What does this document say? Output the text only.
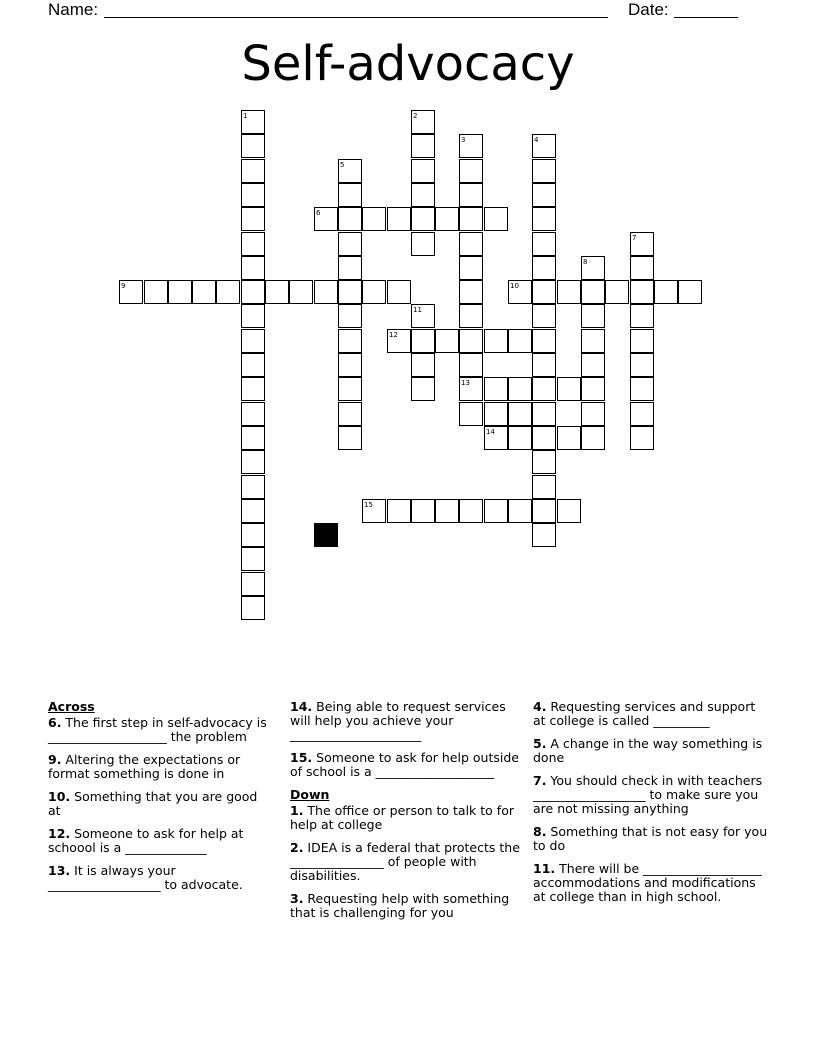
Name:	Date:
Self-advocacy
1	2
3
13
4
5
6
7
8
9	10
11
12
14
15
Across
6. The first step in self-advocacy is ___________________ the problem
9. Altering the expectations or format something is done in
10. Something that you are good at
12. Someone to ask for help at schoool is a _____________
13. It is always your __________________ to advocate.
14. Being able to request services will help you achieve your _____________________
15. Someone to ask for help outside of school is a ___________________
Down
1. The office or person to talk to for help at college
2. IDEA is a federal that protects the _______________ of people with disabilities.
3. Requesting help with something that is challenging for you
4. Requesting services and support at college is called _________
5. A change in the way something is done
7. You should check in with teachers __________________ to make sure you are not missing anything
8. Something that is not easy for you to do
11. There will be ___________________ accommodations and modifications at college than in high school.
